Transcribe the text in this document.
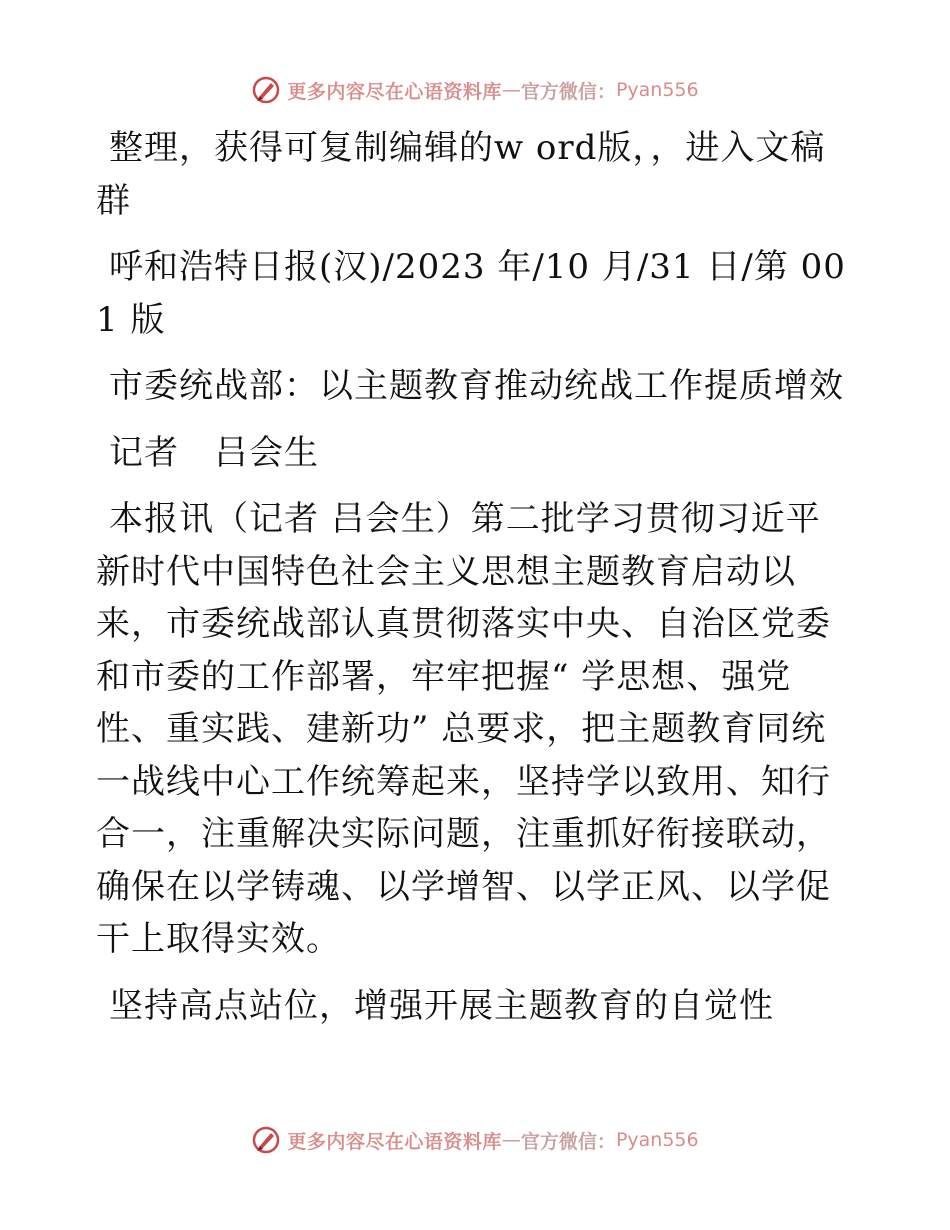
更多内容尽在心语资料库 — 官方微信： Pyan556

整理，获得可复制编辑的w ord版，，进入文稿群

呼和浩特日报(汉)/2023 年/10 月/31 日/第 001 版

市委统战部：以主题教育推动统战工作提质增效

记者　吕会生

本报讯（记者 吕会生）第二批学习贯彻习近平新时代中国特色社会主义思想主题教育启动以来，市委统战部认真贯彻落实中央、自治区党委和市委的工作部署，牢牢把握“ 学思想、强党性、重实践、建新功” 总要求，把主题教育同统一战线中心工作统筹起来，坚持学以致用、知行合一，注重解决实际问题，注重抓好衔接联动，确保在以学铸魂、以学增智、以学正风、以学促干上取得实效。

坚持高点站位，增强开展主题教育的自觉性

更多内容尽在心语资料库 — 官方微信： Pyan556
